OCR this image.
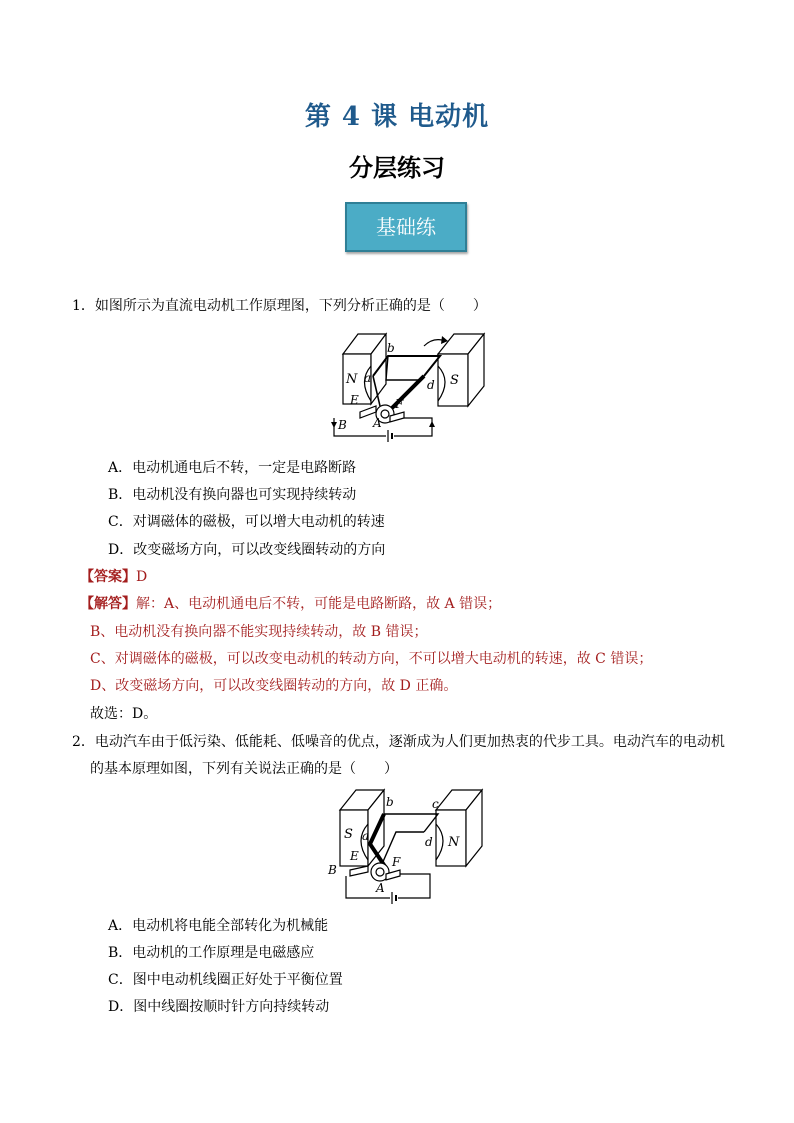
第 4 课 电动机
分层练习
基础练
1．如图所示为直流电动机工作原理图，下列分析正确的是（　　）
N	S
a
b
d
E	F
A
B
A．电动机通电后不转，一定是电路断路
B．电动机没有换向器也可实现持续转动
C．对调磁体的磁极，可以增大电动机的转速
D．改变磁场方向，可以改变线圈转动的方向
【答案】D
【解答】解：A、电动机通电后不转，可能是电路断路，故 A 错误；
B、电动机没有换向器不能实现持续转动，故 B 错误；
C、对调磁体的磁极，可以改变电动机的转动方向，不可以增大电动机的转速，故 C 错误；
D、改变磁场方向，可以改变线圈转动的方向，故 D 正确。
故选：D。
2．电动汽车由于低污染、低能耗、低噪音的优点，逐渐成为人们更加热衷的代步工具。电动汽车的电动机
的基本原理如图，下列有关说法正确的是（　　）
S
N
a
b	c
d
E	F
A
B
A．电动机将电能全部转化为机械能
B．电动机的工作原理是电磁感应
C．图中电动机线圈正好处于平衡位置
D．图中线圈按顺时针方向持续转动
